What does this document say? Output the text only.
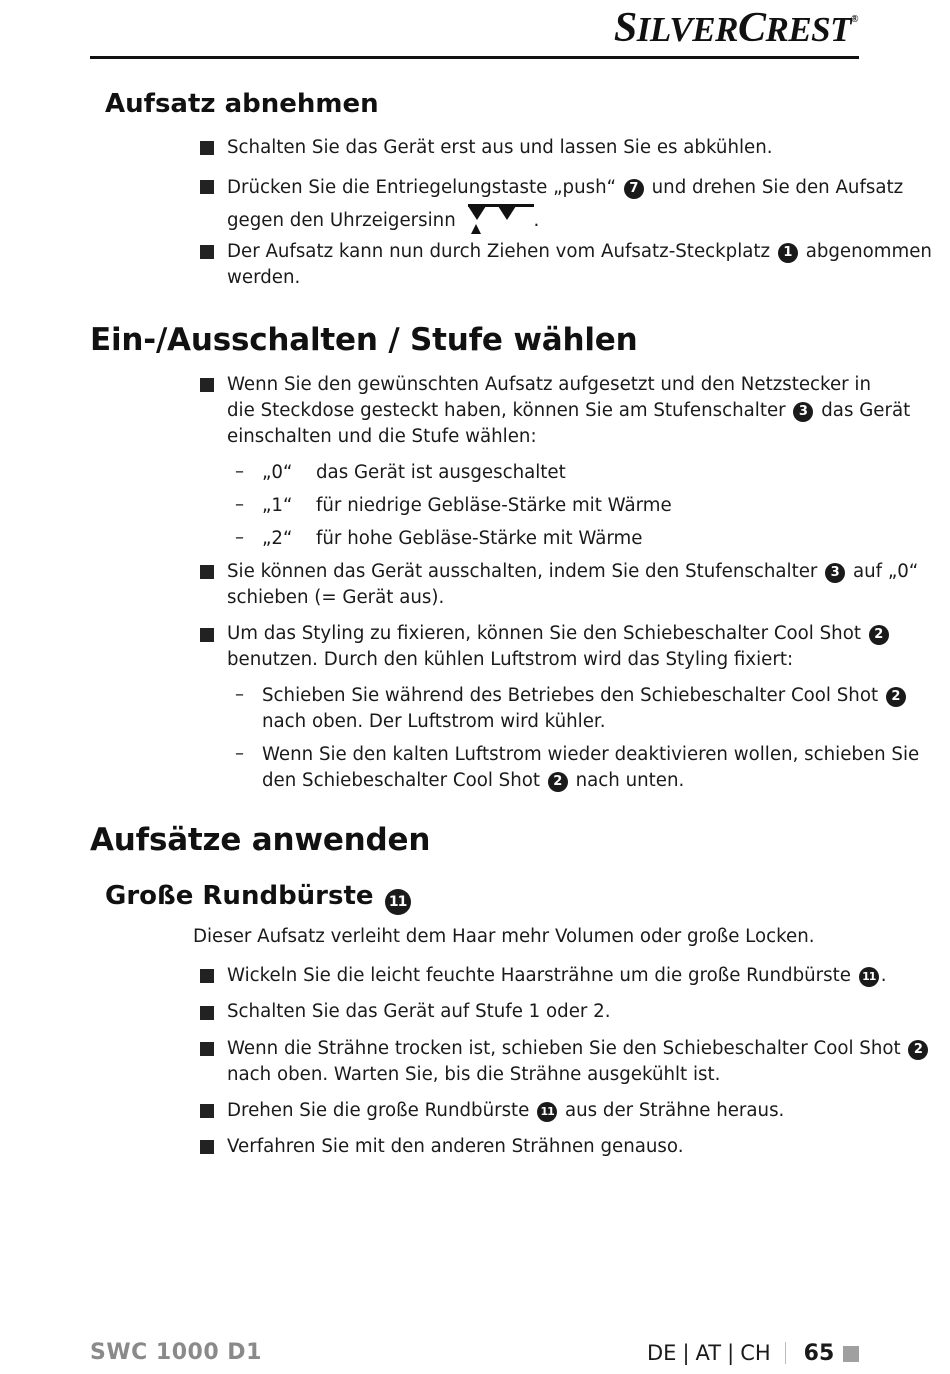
SILVERCREST®
Aufsatz abnehmen
Schalten Sie das Gerät erst aus und lassen Sie es abkühlen.
Drücken Sie die Entriegelungstaste „push“ 7 und drehen Sie den Aufsatz
gegen den Uhrzeigersinn	.
Der Aufsatz kann nun durch Ziehen vom Aufsatz-Steckplatz 1 abgenommen
werden.
Ein-/Ausschalten / Stufe wählen
Wenn Sie den gewünschten Aufsatz aufgesetzt und den Netzstecker in
die Steckdose gesteckt haben, können Sie am Stufenschalter 3 das Gerät
einschalten und die Stufe wählen:
– „0“ das Gerät ist ausgeschaltet
– „1“ für niedrige Gebläse-Stärke mit Wärme
– „2“ für hohe Gebläse-Stärke mit Wärme
Sie können das Gerät ausschalten, indem Sie den Stufenschalter 3 auf „0“
schieben (= Gerät aus).
Um das Styling zu fixieren, können Sie den Schiebeschalter Cool Shot 2
benutzen. Durch den kühlen Luftstrom wird das Styling fixiert:
– Schieben Sie während des Betriebes den Schiebeschalter Cool Shot 2
nach oben. Der Luftstrom wird kühler.
– Wenn Sie den kalten Luftstrom wieder deaktivieren wollen, schieben Sie
den Schiebeschalter Cool Shot 2 nach unten.
Aufsätze anwenden
Große Rundbürste 11
Dieser Aufsatz verleiht dem Haar mehr Volumen oder große Locken.
Wickeln Sie die leicht feuchte Haarsträhne um die große Rundbürste 11 .
Schalten Sie das Gerät auf Stufe 1 oder 2.
Wenn die Strähne trocken ist, schieben Sie den Schiebeschalter Cool Shot 2
nach oben. Warten Sie, bis die Strähne ausgekühlt ist.
Drehen Sie die große Rundbürste 11 aus der Strähne heraus.
Verfahren Sie mit den anderen Strähnen genauso.
SWC 1000 D1	DE | AT | CH 65
